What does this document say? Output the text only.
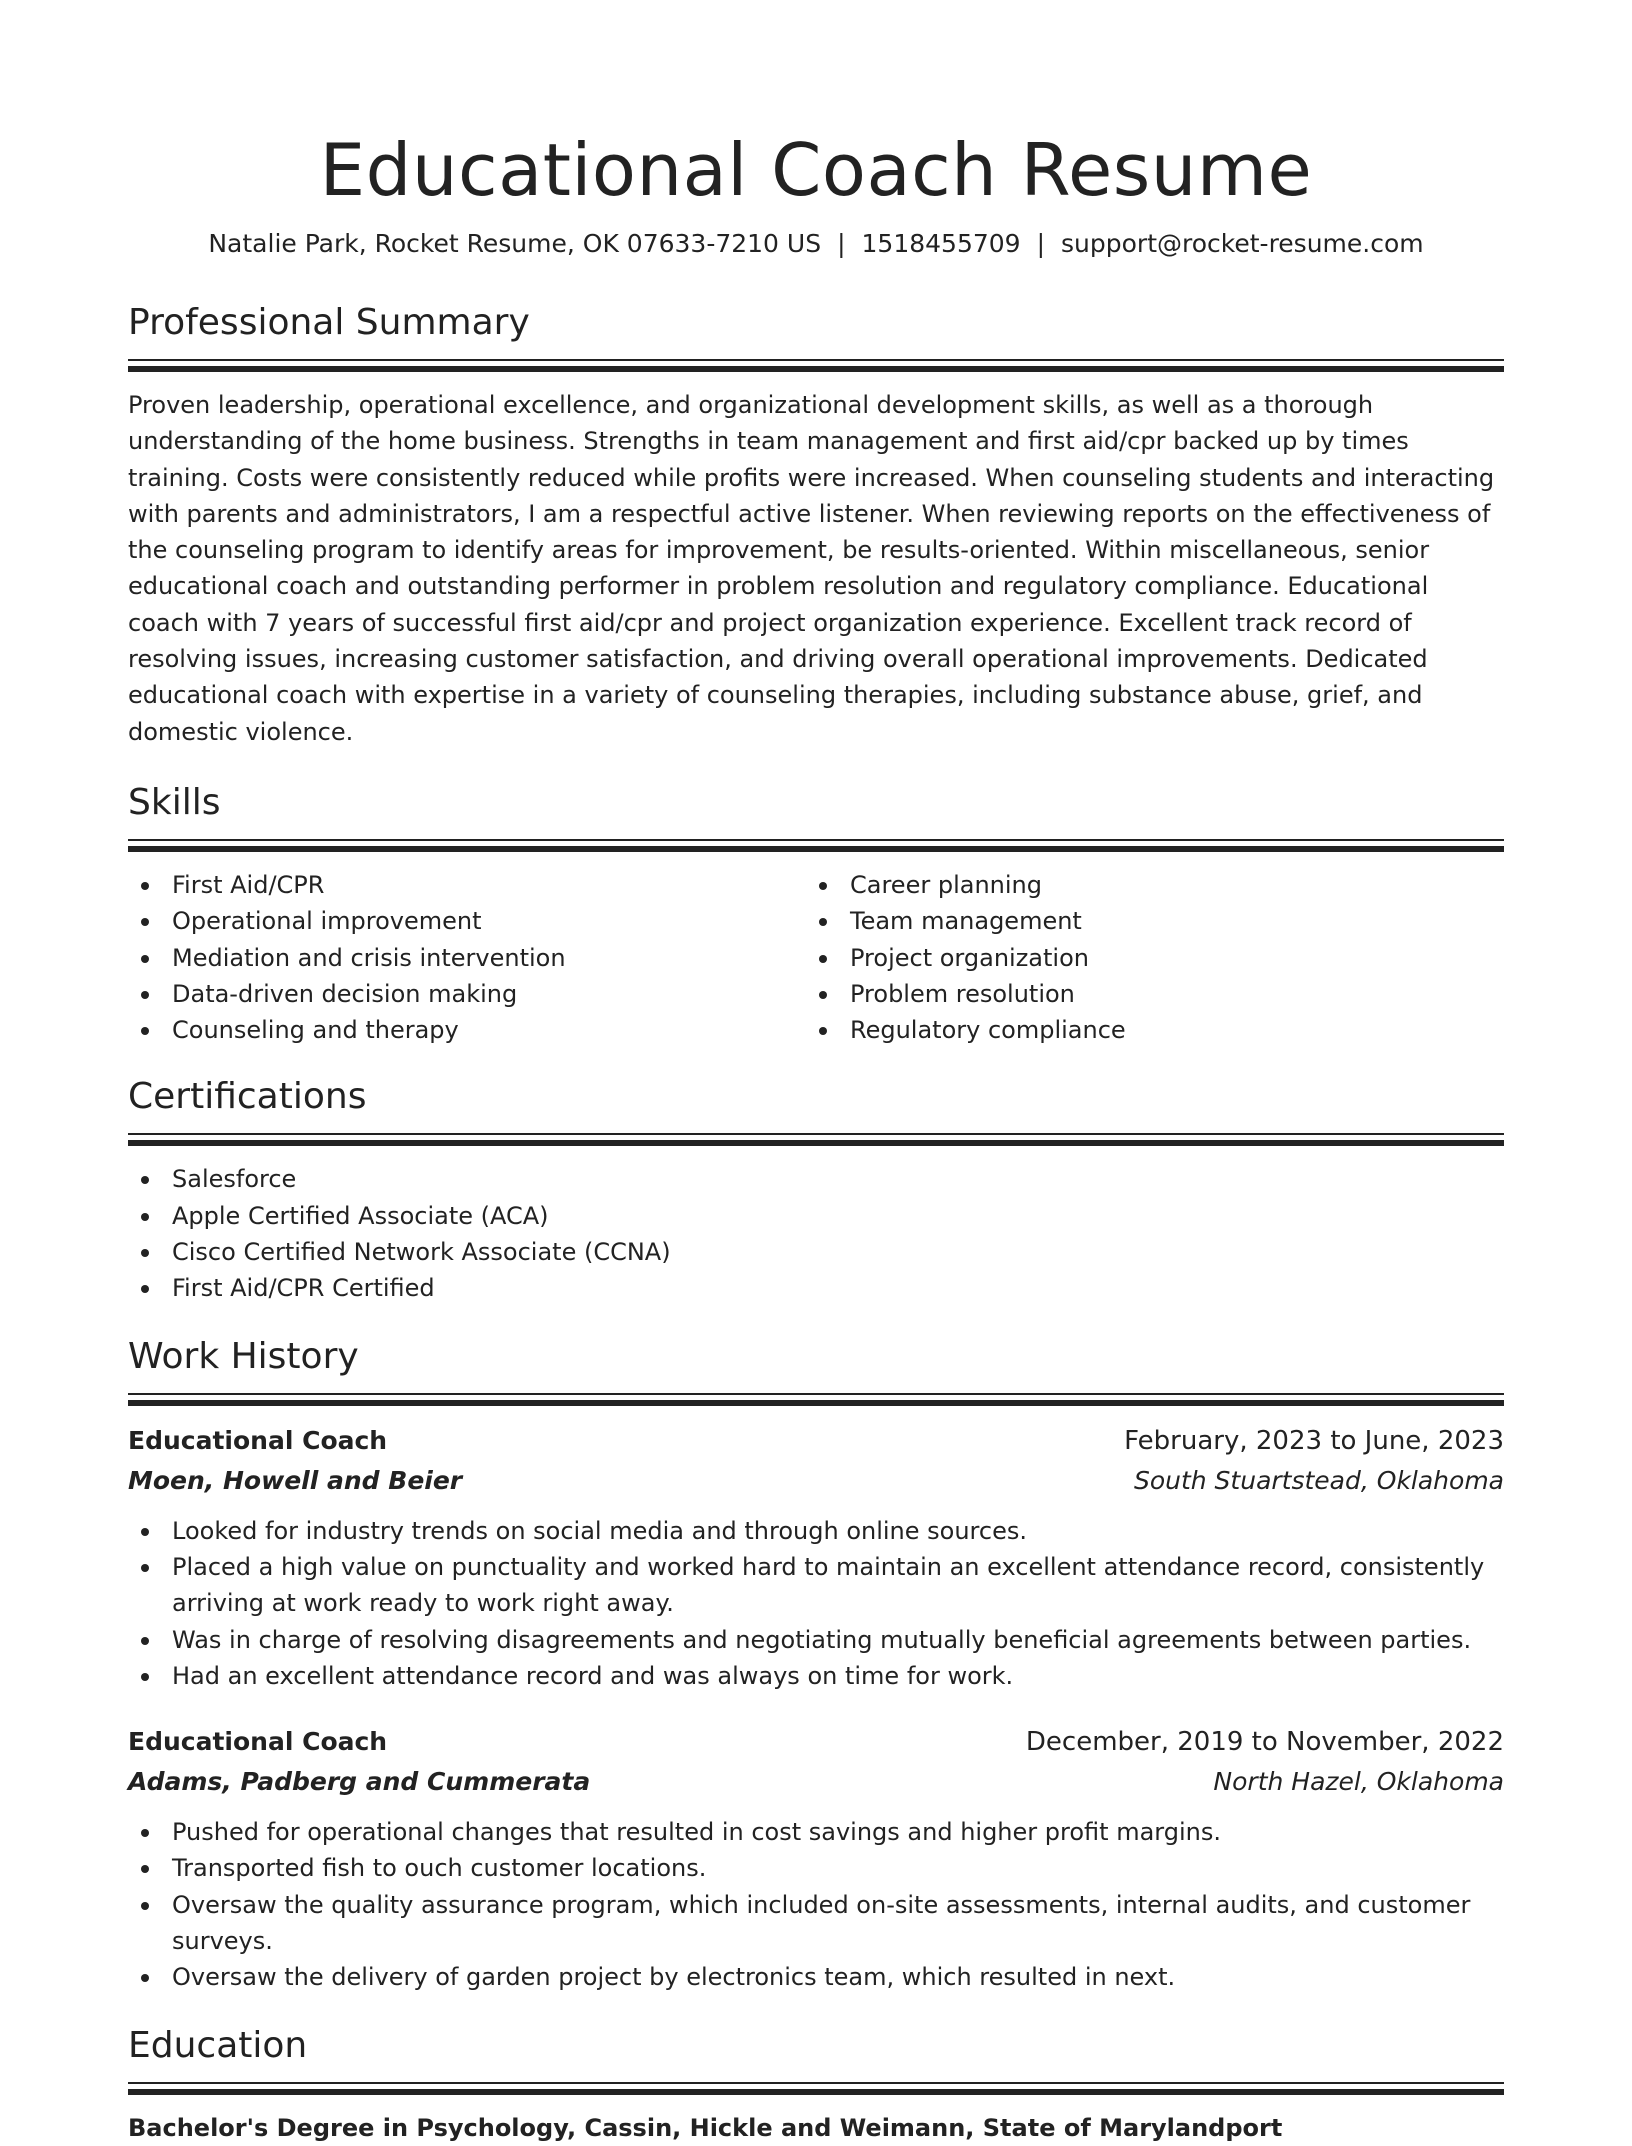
Educational Coach Resume
Natalie Park, Rocket Resume, OK 07633-7210 US | 1518455709 | support@rocket-resume.com
Professional Summary

Proven leadership, operational excellence, and organizational development skills, as well as a thorough understanding of the home business. Strengths in team management and first aid/cpr backed up by times training. Costs were consistently reduced while profits were increased. When counseling students and interacting with parents and administrators, I am a respectful active listener. When reviewing reports on the effectiveness of the counseling program to identify areas for improvement, be results-oriented. Within miscellaneous, senior educational coach and outstanding performer in problem resolution and regulatory compliance. Educational coach with 7 years of successful first aid/cpr and project organization experience. Excellent track record of resolving issues, increasing customer satisfaction, and driving overall operational improvements. Dedicated educational coach with expertise in a variety of counseling therapies, including substance abuse, grief, and domestic violence.

Skills
First Aid/CPR
Operational improvement
Mediation and crisis intervention
Data-driven decision making
Counseling and therapy
Career planning
Team management
Project organization
Problem resolution
Regulatory compliance
Certifications
Salesforce
Apple Certified Associate (ACA)
Cisco Certified Network Associate (CCNA)
First Aid/CPR Certified
Work History
Educational Coach	February, 2023 to June, 2023
Moen, Howell and Beier	South Stuartstead, Oklahoma
Looked for industry trends on social media and through online sources.
Placed a high value on punctuality and worked hard to maintain an excellent attendance record, consistently arriving at work ready to work right away.
Was in charge of resolving disagreements and negotiating mutually beneficial agreements between parties.
Had an excellent attendance record and was always on time for work.
Educational Coach	December, 2019 to November, 2022
Adams, Padberg and Cummerata	North Hazel, Oklahoma
Pushed for operational changes that resulted in cost savings and higher profit margins.
Transported fish to ouch customer locations.
Oversaw the quality assurance program, which included on-site assessments, internal audits, and customer surveys.
Oversaw the delivery of garden project by electronics team, which resulted in next.
Education
Bachelor's Degree in Psychology, Cassin, Hickle and Weimann, State of Marylandport
